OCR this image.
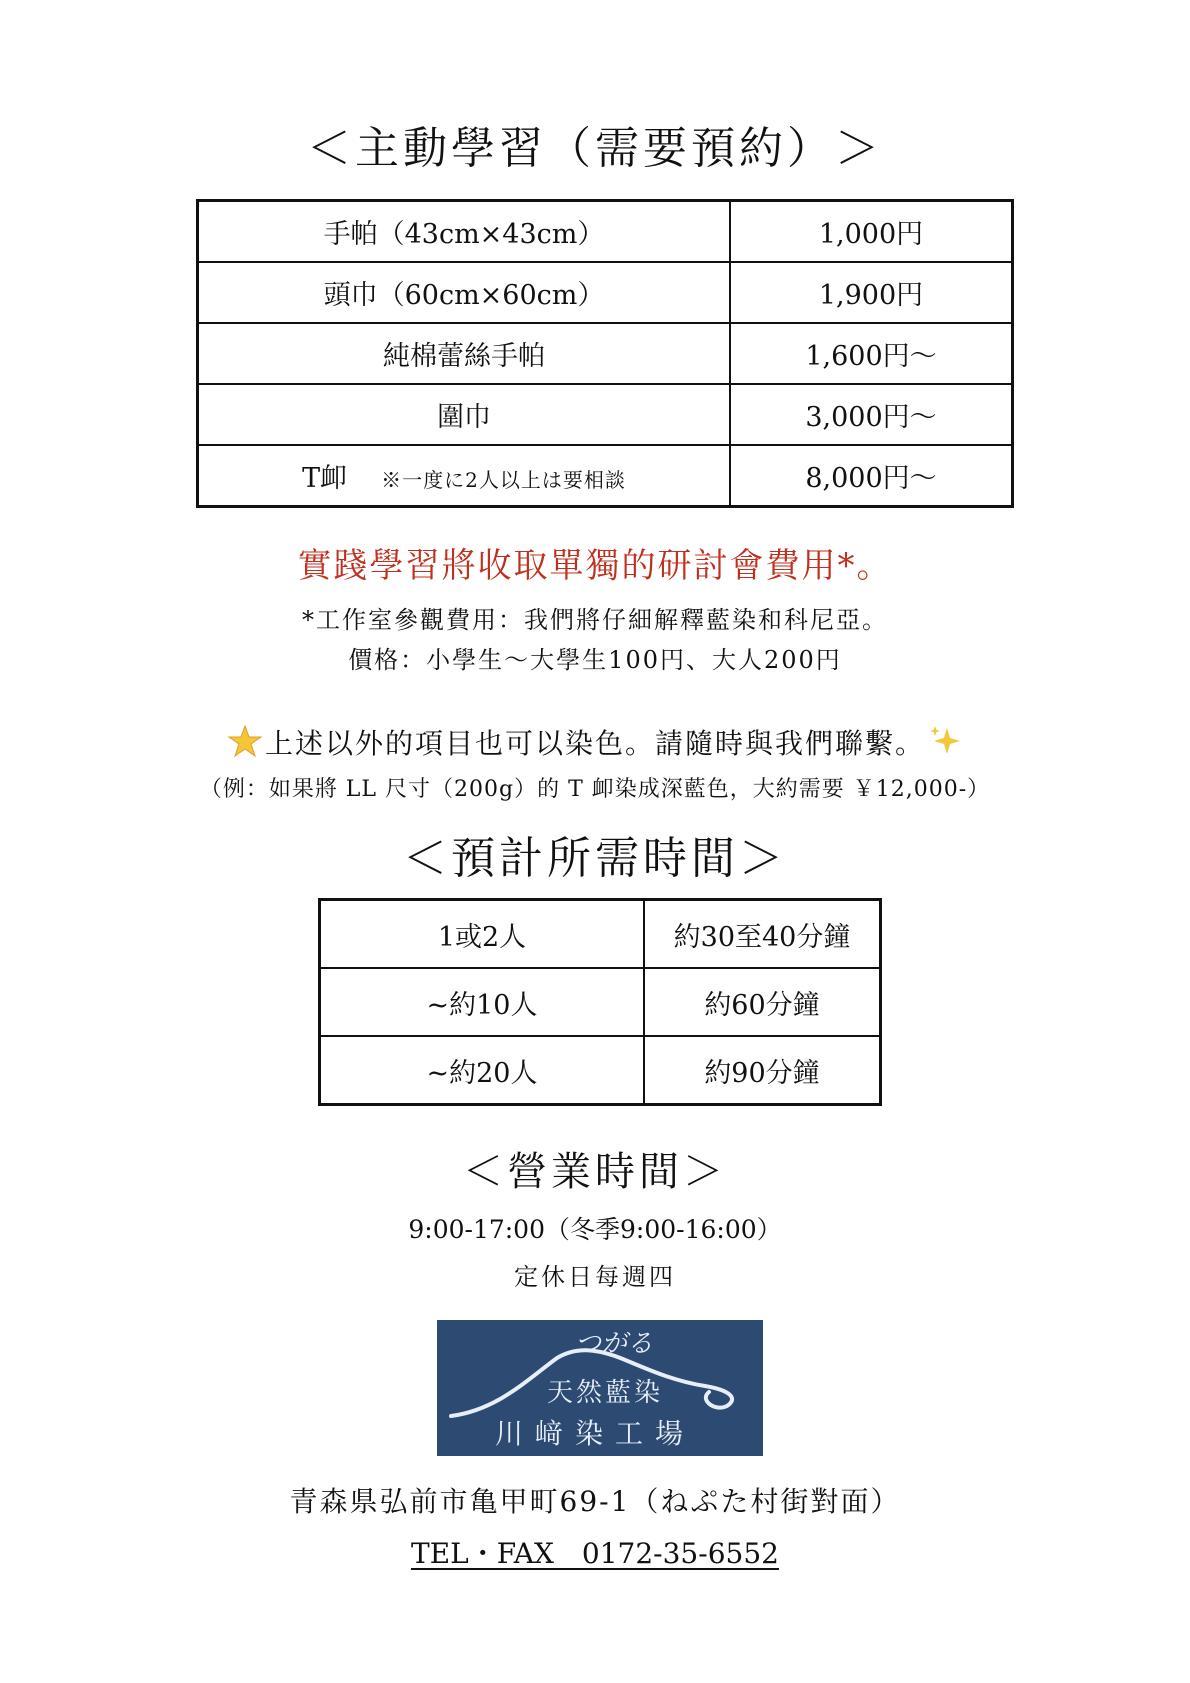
＜主動學習（需要預約）＞
手帕（43cm×43cm）	1,000円
頭巾（60cm×60cm）	1,900円
純棉蕾絲手帕	1,600円～
圍巾	3,000円～
T卹 ※一度に2人以上は要相談	8,000円～
實踐學習將收取單獨的研討會費用*。
*工作室參觀費用：我們將仔細解釋藍染和科尼亞。
價格：小學生～大學生100円、大人200円
上述以外的項目也可以染色。請隨時與我們聯繫。
（例：如果將 LL 尺寸（200g）的 T 卹染成深藍色，大約需要 ￥12,000-）
＜預計所需時間＞
1或2人	約30至40分鐘
~約10人	約60分鐘
~約20人	約90分鐘
＜營業時間＞
9:00-17:00（冬季9:00-16:00）
定休日每週四
つがる
天然藍染
川﨑染工場
青森県弘前市亀甲町69-1（ねぷた村街對面）
TEL・FAX　0172-35-6552
